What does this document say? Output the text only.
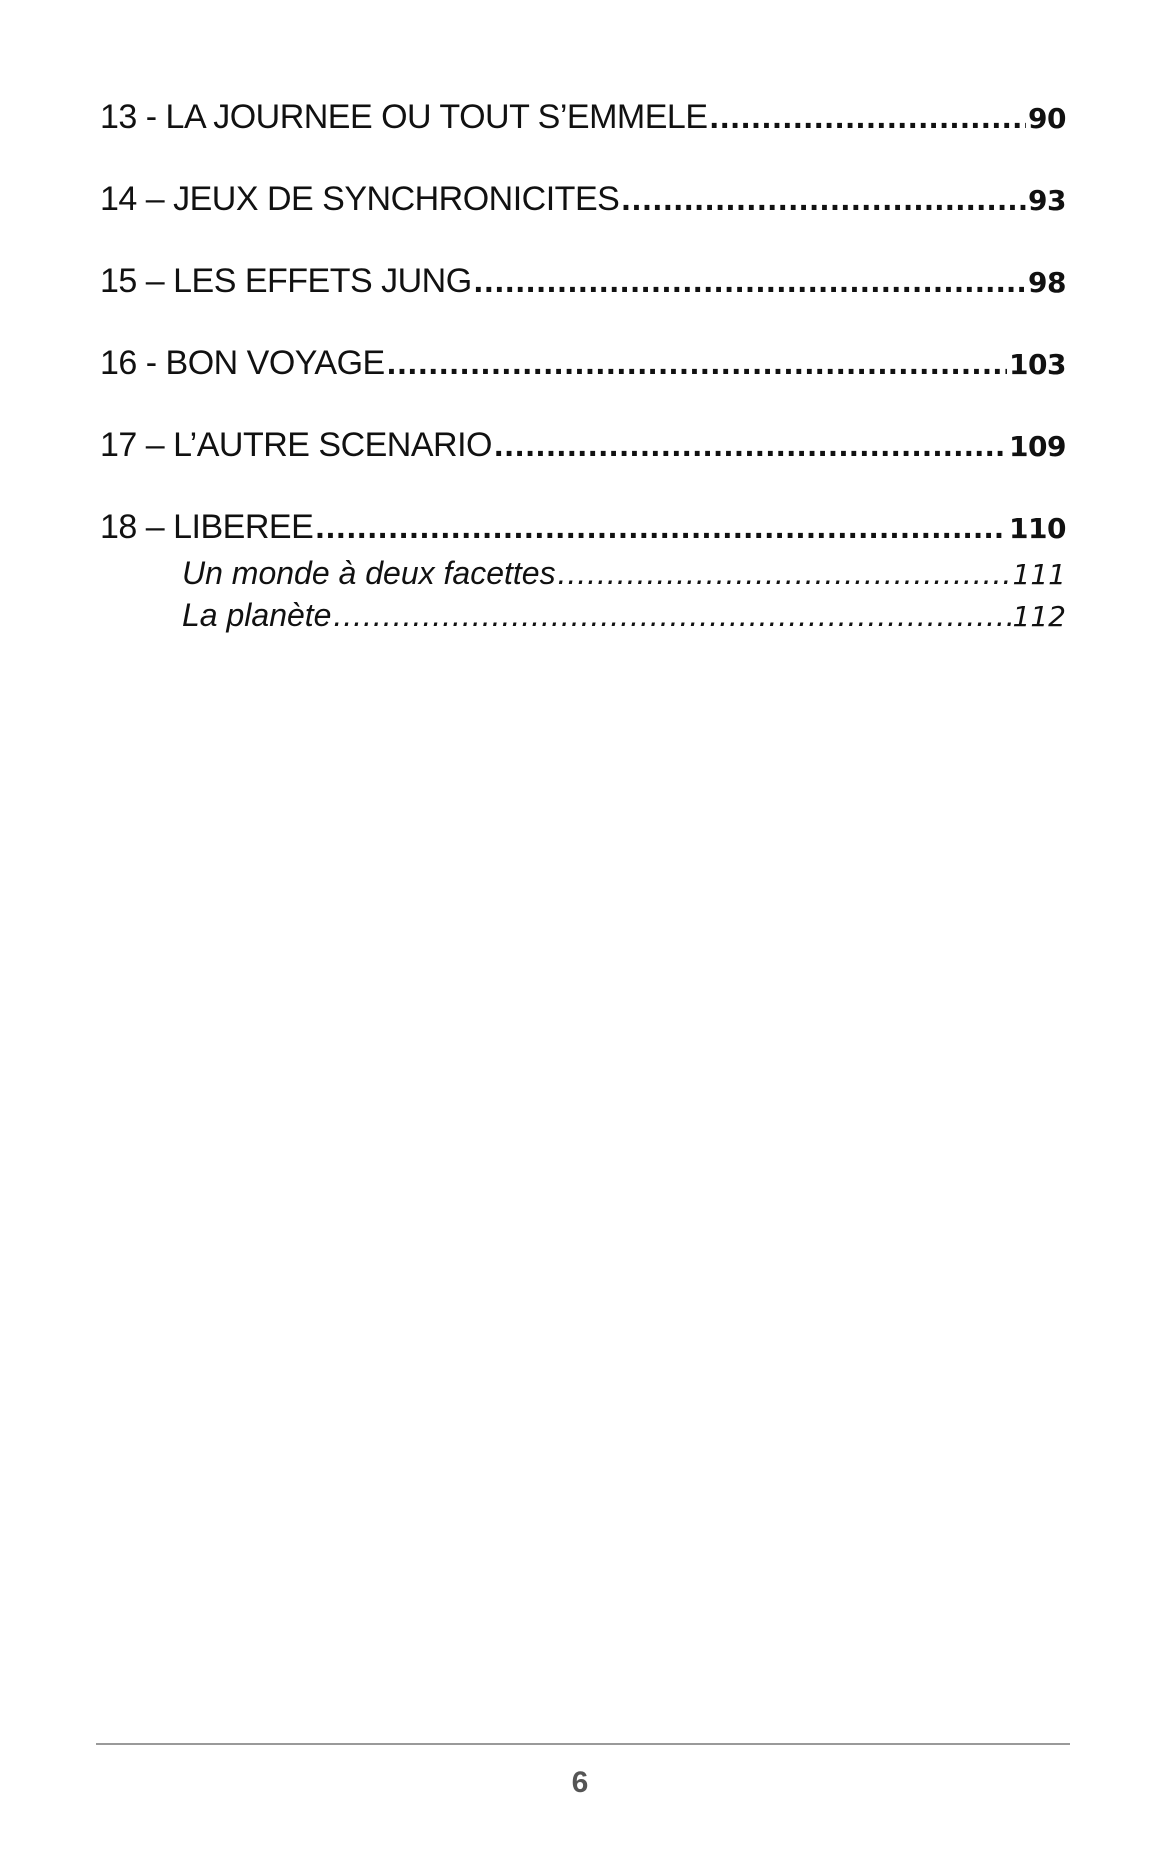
13 - LA JOURNEE OU TOUT S’EMMELE .....	90
14 – JEUX DE SYNCHRONICITES .....	93
15 – LES EFFETS JUNG .....	98
16 - BON VOYAGE .....	103
17 – L’AUTRE SCENARIO .....	109
18 – LIBEREE .....	110
Un monde à deux facettes .....	111
La planète .....	112
6
